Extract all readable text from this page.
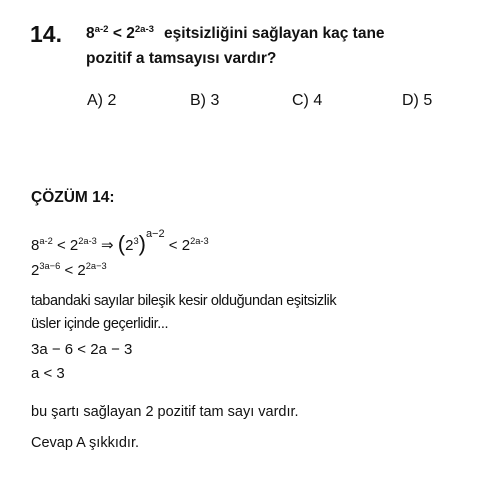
14. $8^{a-2} < 2^{2a-3}$ eşitsizliğini sağlayan kaç tane
pozitif a tamsayısı vardır?
A) 2	B) 3	C) 4	D) 5
ÇÖZÜM 14:
$8^{a-2} < 2^{2a-3}$ ⇒ $(2^3)^{a-2} < 2^{2a-3}$
$2^{3a-6} < 2^{2a-3}$
tabandaki sayılar bileşik kesir olduğundan eşitsizlik
üsler içinde geçerlidir...
3a − 6 < 2a − 3
a < 3
bu şartı sağlayan 2 pozitif tam sayı vardır.
Cevap A şıkkıdır.
